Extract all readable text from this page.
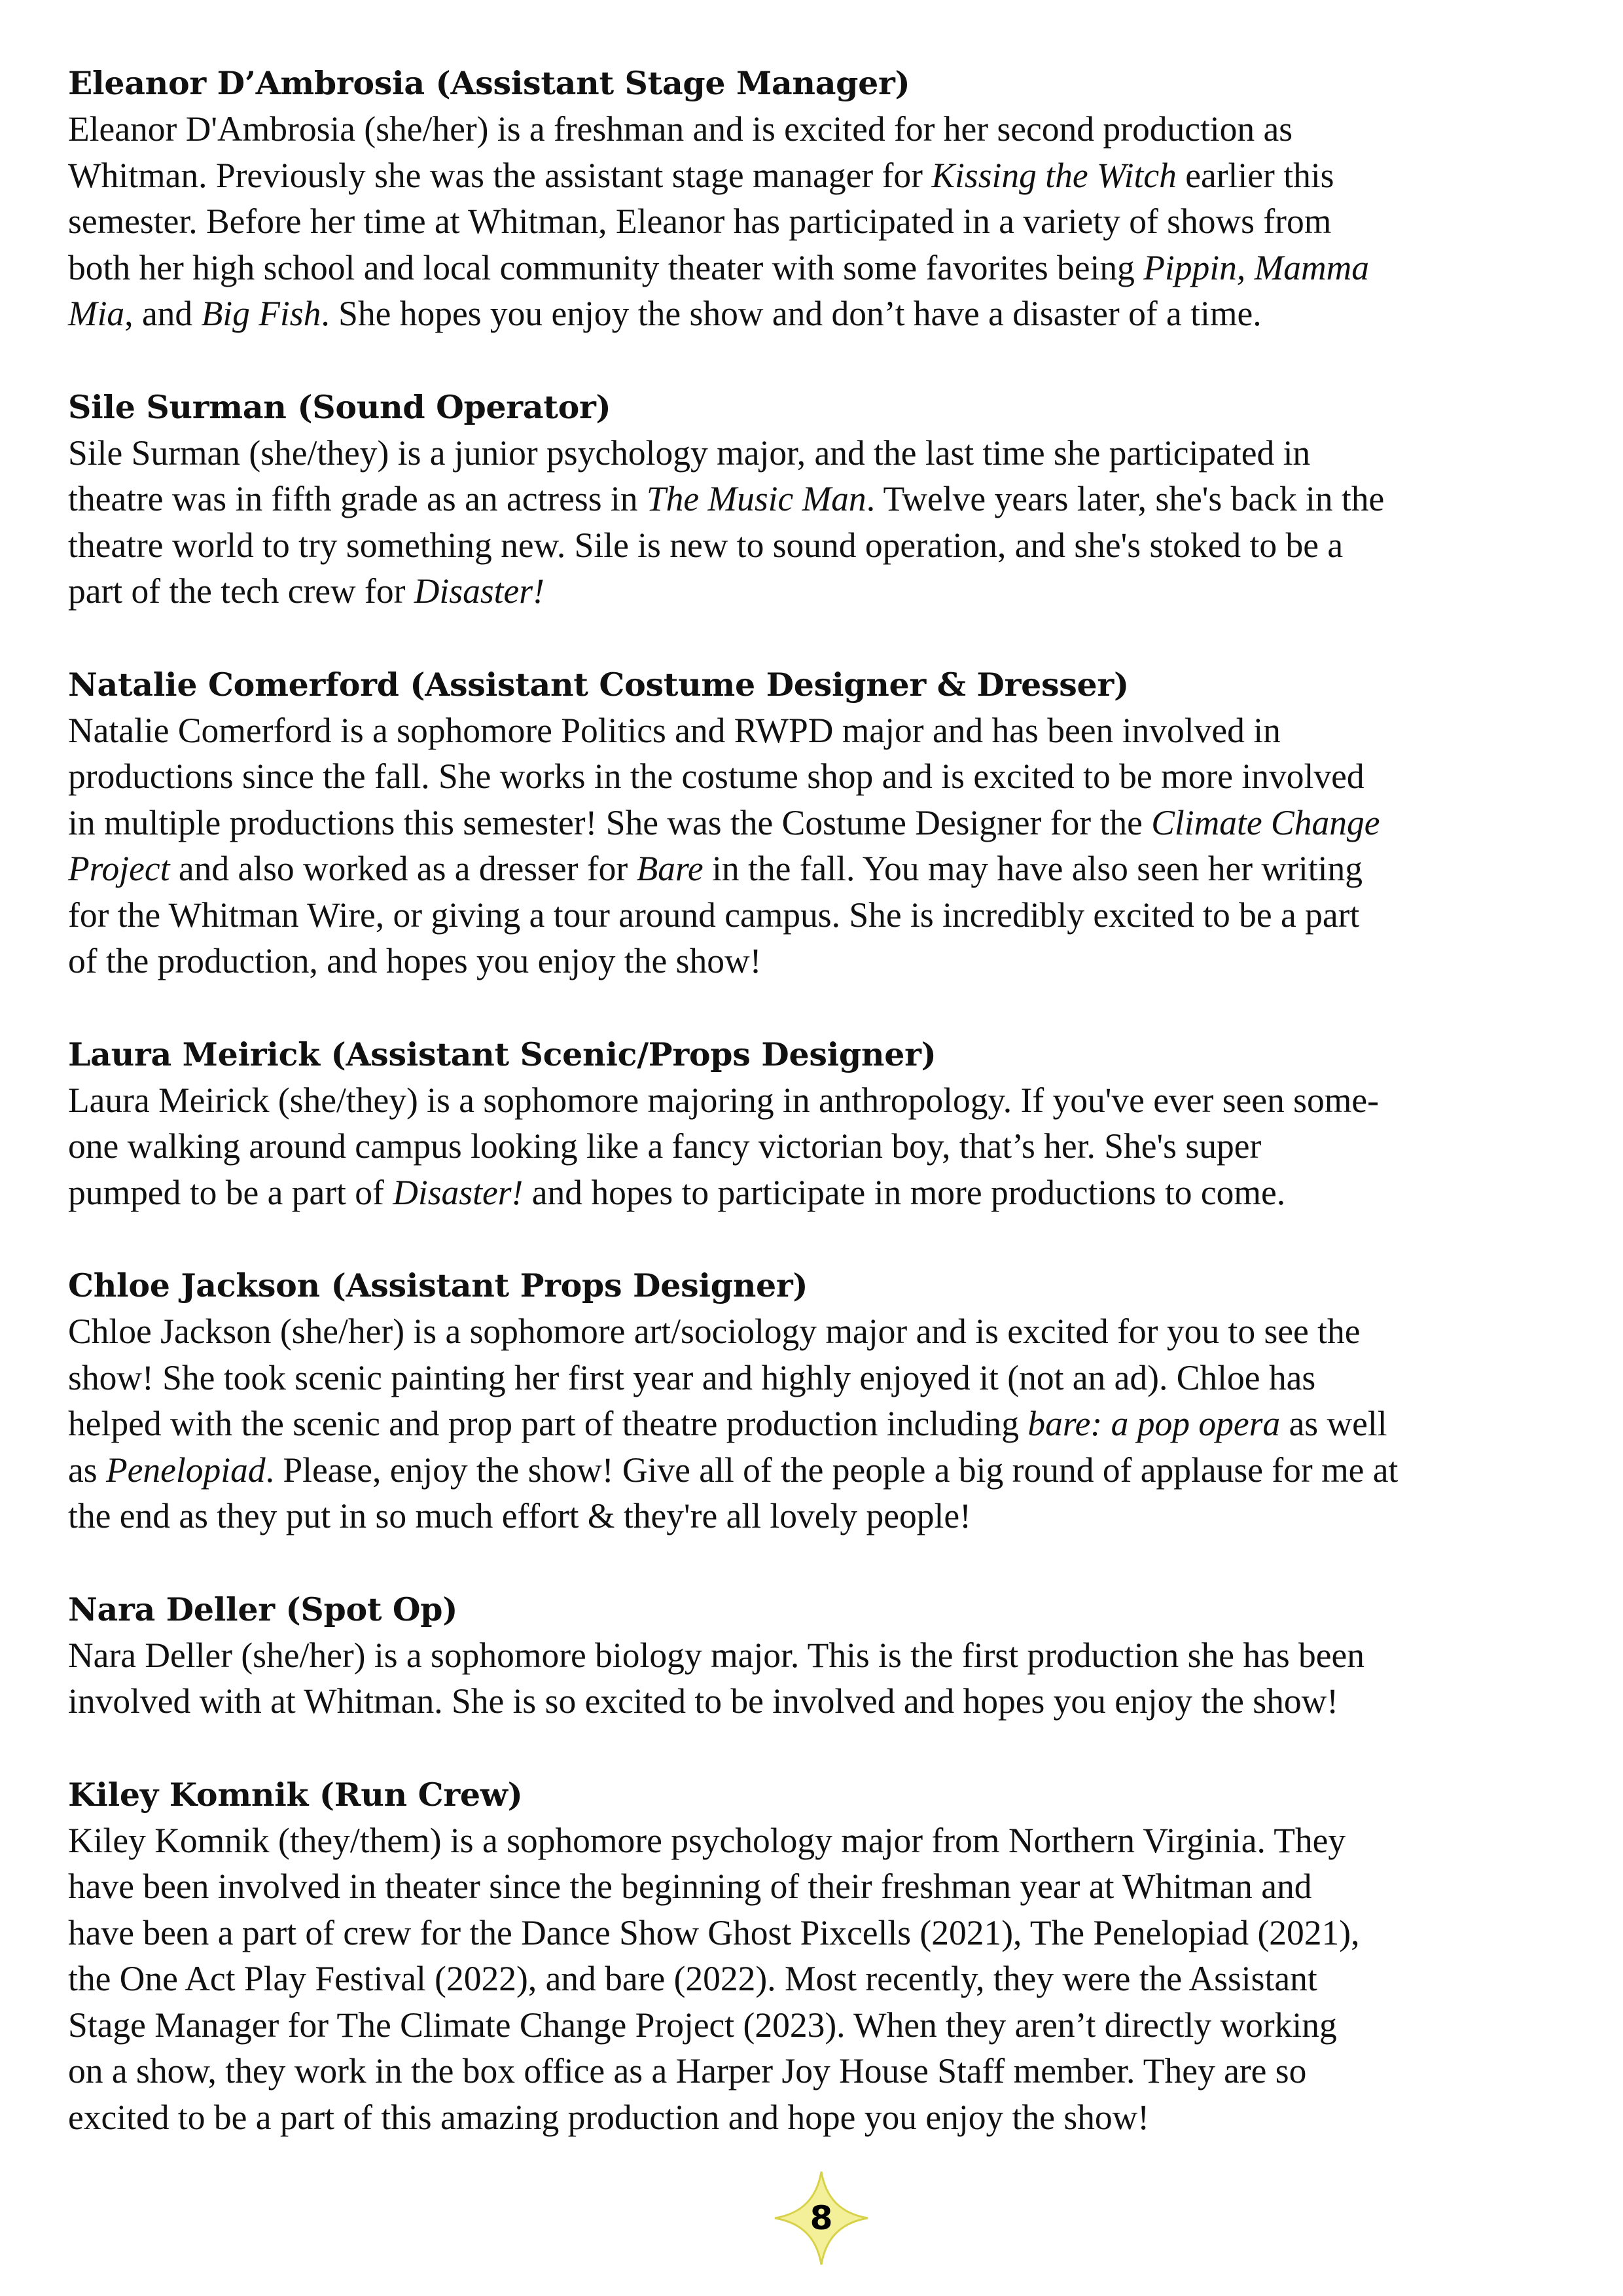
Eleanor D’Ambrosia (Assistant Stage Manager)
Eleanor D'Ambrosia (she/her) is a freshman and is excited for her second production as
Whitman. Previously she was the assistant stage manager for Kissing the Witch earlier this
semester. Before her time at Whitman, Eleanor has participated in a variety of shows from
both her high school and local community theater with some favorites being Pippin, Mamma
Mia, and Big Fish. She hopes you enjoy the show and don’t have a disaster of a time.
Sile Surman (Sound Operator)
Sile Surman (she/they) is a junior psychology major, and the last time she participated in
theatre was in fifth grade as an actress in The Music Man. Twelve years later, she's back in the
theatre world to try something new. Sile is new to sound operation, and she's stoked to be a
part of the tech crew for Disaster!
Natalie Comerford (Assistant Costume Designer & Dresser)
Natalie Comerford is a sophomore Politics and RWPD major and has been involved in
productions since the fall. She works in the costume shop and is excited to be more involved
in multiple productions this semester! She was the Costume Designer for the Climate Change
Project and also worked as a dresser for Bare in the fall. You may have also seen her writing
for the Whitman Wire, or giving a tour around campus. She is incredibly excited to be a part
of the production, and hopes you enjoy the show!
Laura Meirick (Assistant Scenic/Props Designer)
Laura Meirick (she/they) is a sophomore majoring in anthropology. If you've ever seen some-
one walking around campus looking like a fancy victorian boy, that’s her. She's super
pumped to be a part of Disaster! and hopes to participate in more productions to come.
Chloe Jackson (Assistant Props Designer)
Chloe Jackson (she/her) is a sophomore art/sociology major and is excited for you to see the
show! She took scenic painting her first year and highly enjoyed it (not an ad). Chloe has
helped with the scenic and prop part of theatre production including bare: a pop opera as well
as Penelopiad. Please, enjoy the show! Give all of the people a big round of applause for me at
the end as they put in so much effort & they're all lovely people!
Nara Deller (Spot Op)
Nara Deller (she/her) is a sophomore biology major. This is the first production she has been
involved with at Whitman. She is so excited to be involved and hopes you enjoy the show!
Kiley Komnik (Run Crew)
Kiley Komnik (they/them) is a sophomore psychology major from Northern Virginia. They
have been involved in theater since the beginning of their freshman year at Whitman and
have been a part of crew for the Dance Show Ghost Pixcells (2021), The Penelopiad (2021),
the One Act Play Festival (2022), and bare (2022). Most recently, they were the Assistant
Stage Manager for The Climate Change Project (2023). When they aren’t directly working
on a show, they work in the box office as a Harper Joy House Staff member. They are so
excited to be a part of this amazing production and hope you enjoy the show!
8
